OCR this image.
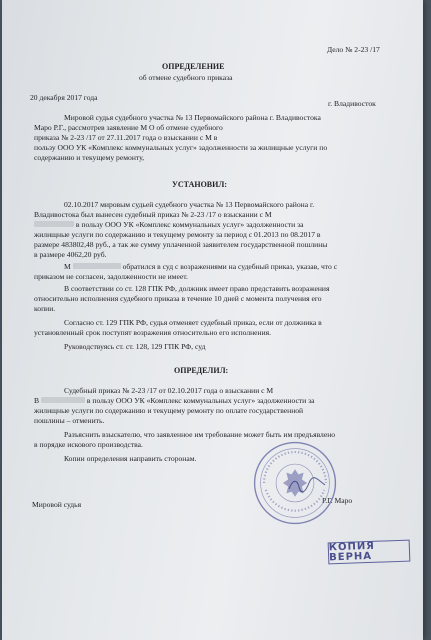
Дело № 2-23 /17
ОПРЕДЕЛЕНИЕ
об отмене судебного приказа
20 декабря 2017 года
г. Владивосток
Мировой судья судебного участка № 13 Первомайского района г. Владивостока
Маро Р.Г., рассмотрев заявление М О об отмене судебного
приказа № 2-23 /17 от 27.11.2017 года о взыскании с М в
пользу ООО УК «Комплекс коммунальных услуг» задолженности за жилищные услуги по
содержанию и текущему ремонту,
УСТАНОВИЛ:
02.10.2017 мировым судьей судебного участка № 13 Первомайского района г.
Владивостока был вынесен судебный приказ № 2-23 /17 о взыскании с М
в пользу ООО УК «Комплекс коммунальных услуг» задолженности за
жилищные услуги по содержанию и текущему ремонту за период с 01.2013 по 08.2017 в
размере 483802,48 руб., а так же сумму уплаченной заявителем государственной пошлины
в размере 4062,20 руб.
М	обратился в суд с возражениями на судебный приказ, указав, что с
приказом не согласен, задолженности не имеет.
В соответствии со ст. 128 ГПК РФ, должник имеет право представить возражения
относительно исполнения судебного приказа в течение 10 дней с момента получения его
копии.
Согласно ст. 129 ГПК РФ, судья отменяет судебный приказ, если от должника в
установленный срок поступят возражения относительно его исполнения.
Руководствуясь ст. ст. 128, 129 ГПК РФ, суд
ОПРЕДЕЛИЛ:
Судебный приказ № 2-23 /17 от 02.10.2017 года о взыскании с М
В	в пользу ООО УК «Комплекс коммунальных услуг» задолженности за
жилищные услуги по содержанию и текущему ремонту по оплате государственной
пошлины – отменить.
Разъяснить взыскателю, что заявленное им требование может быть им предъявлено
в порядке искового производства.
Копии определения направить сторонам.
Мировой судья	Р.Г. Маро
КОПИЯ ВЕРНА
